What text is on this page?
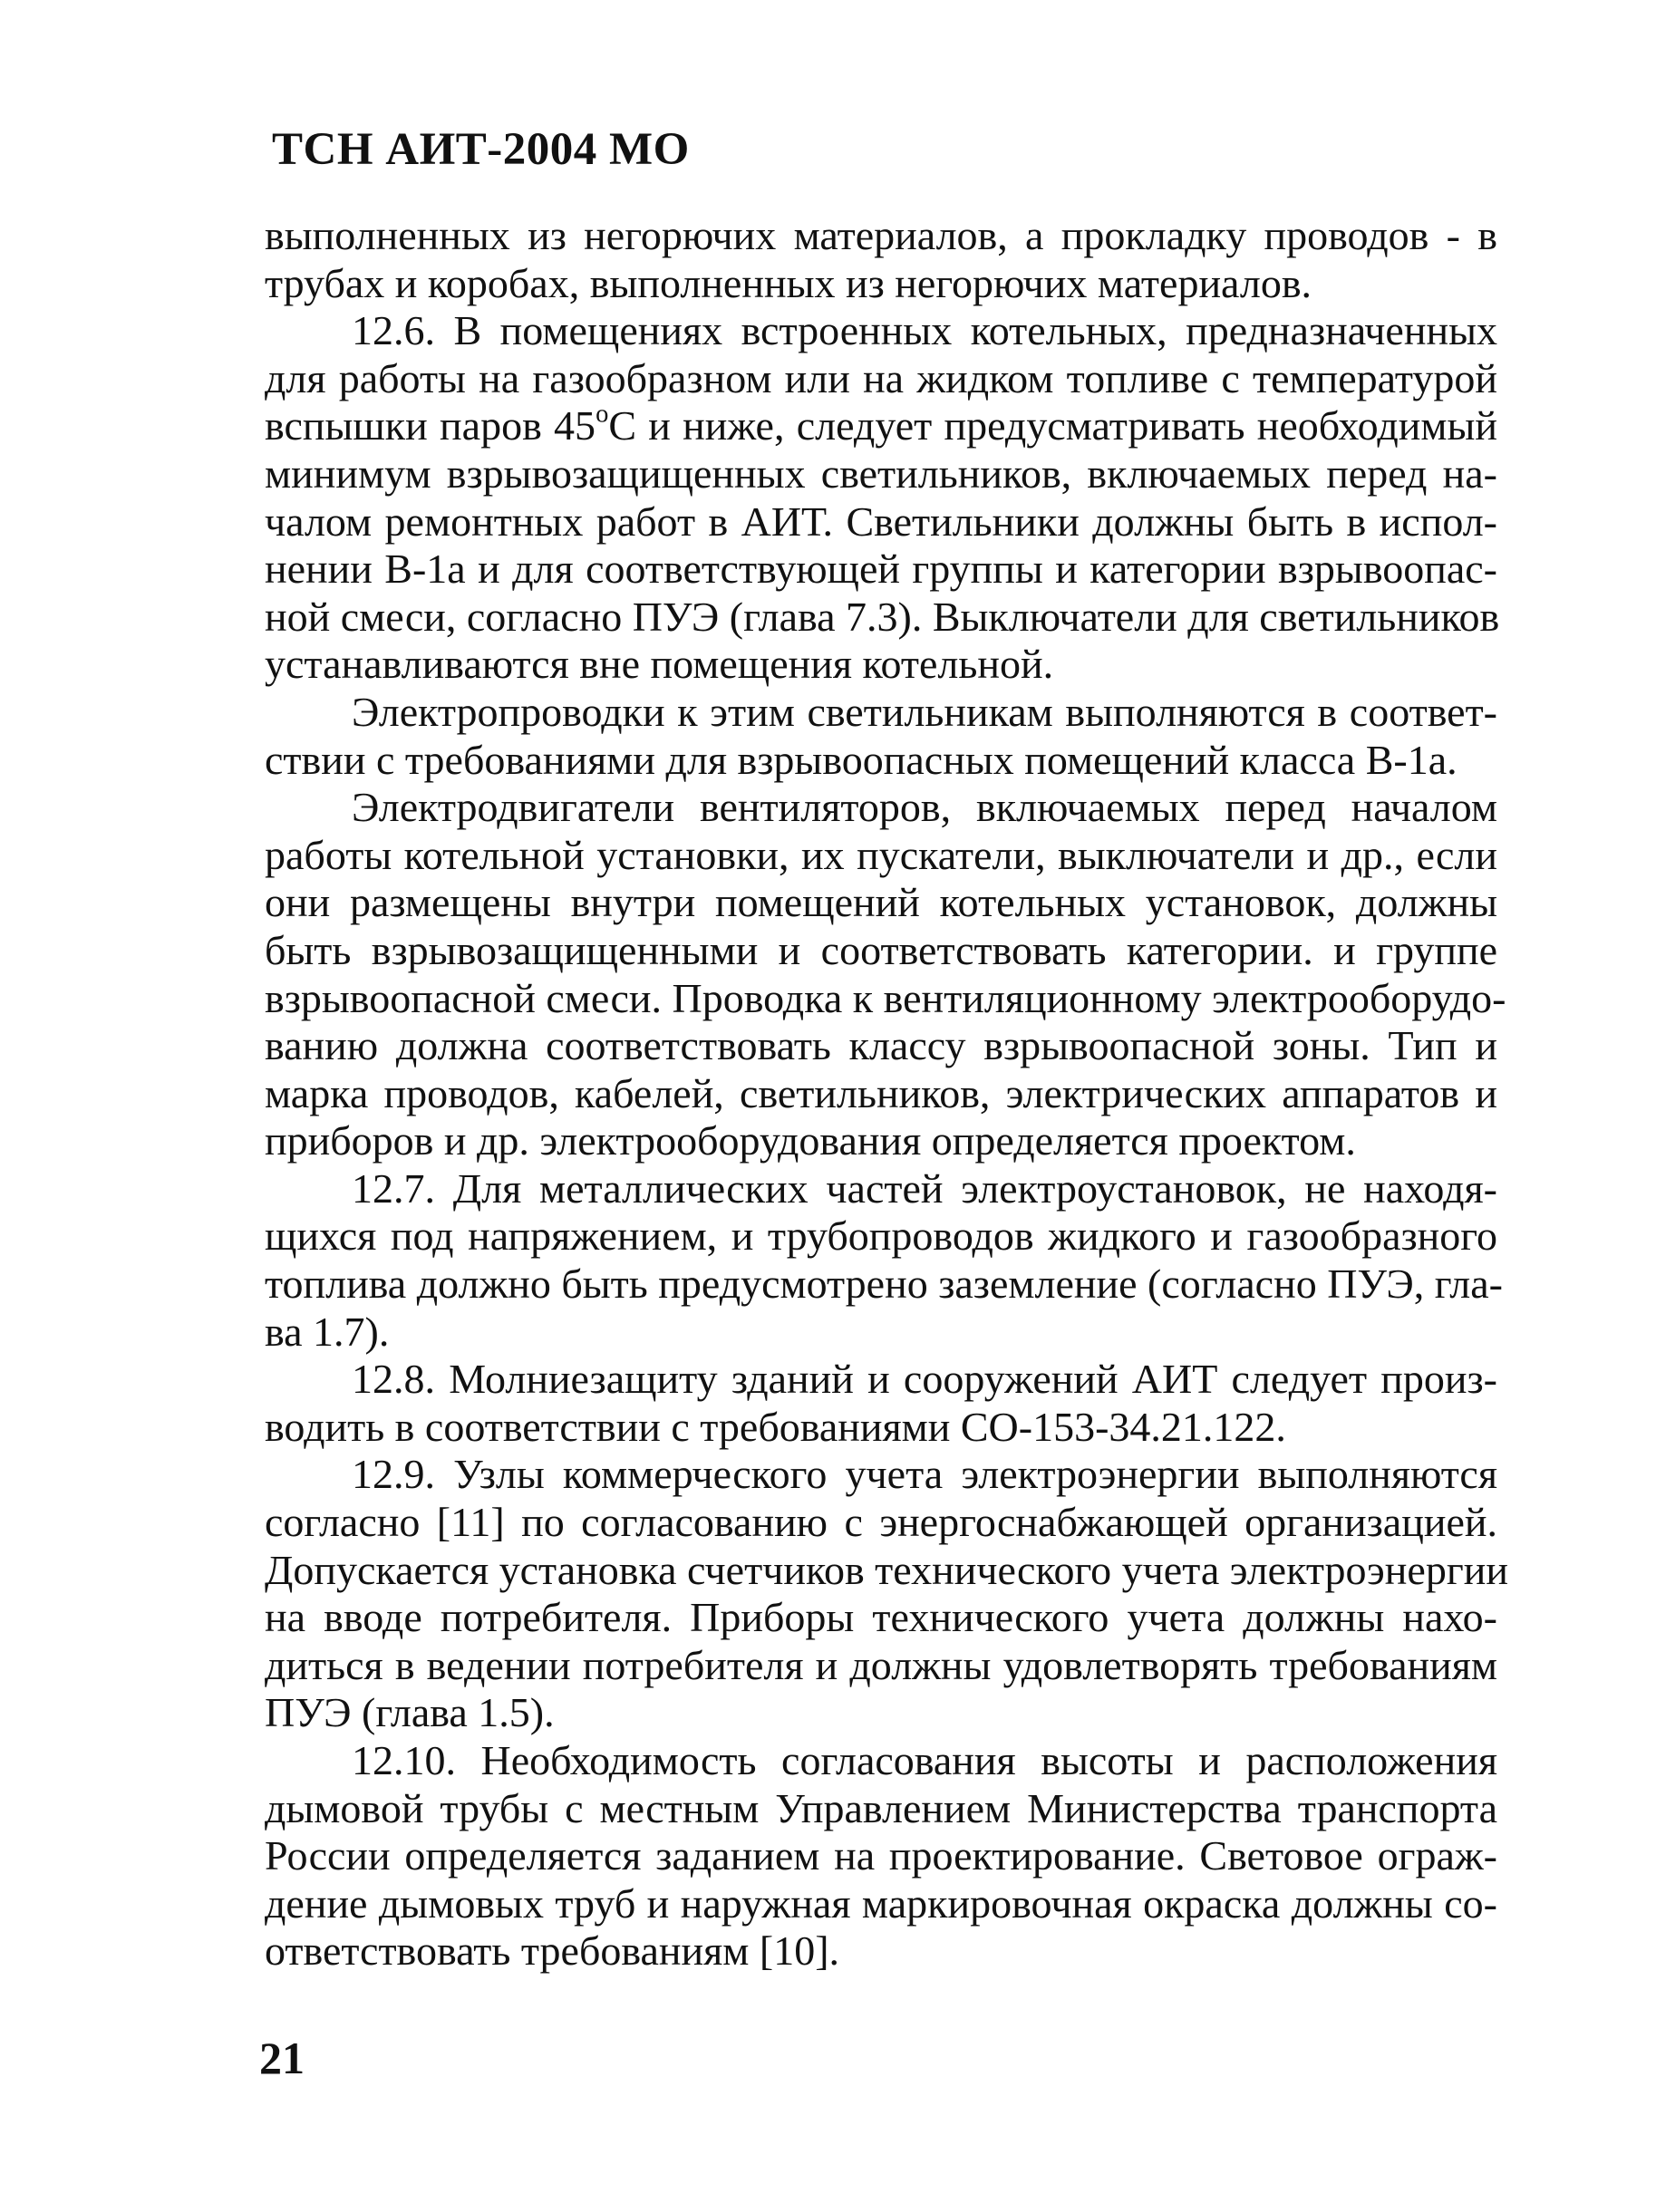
ТСН АИТ-2004 МО
выполненных из негорючих материалов, а прокладку проводов - в
трубах и коробах, выполненных из негорючих материалов.
12.6. В помещениях встроенных котельных, предназначенных
для работы на газообразном или на жидком топливе с температурой
вспышки паров $45^оС$ и ниже, следует предусматривать необходимый
минимум взрывозащищенных светильников, включаемых перед на-
чалом ремонтных работ в АИТ. Светильники должны быть в испол-
нении В-1а и для соответствующей группы и категории взрывоопас-
ной смеси, согласно ПУЭ (глава 7.3). Выключатели для светильников
устанавливаются вне помещения котельной.
Электропроводки к этим светильникам выполняются в соответ-
ствии с требованиями для взрывоопасных помещений класса В-1а.
Электродвигатели вентиляторов, включаемых перед началом
работы котельной установки, их пускатели, выключатели и др., если
они размещены внутри помещений котельных установок, должны
быть взрывозащищенными и соответствовать категории. и группе
взрывоопасной смеси. Проводка к вентиляционному электрооборудо-
ванию должна соответствовать классу взрывоопасной зоны. Тип и
марка проводов, кабелей, светильников, электрических аппаратов и
приборов и др. электрооборудования определяется проектом.
12.7. Для металлических частей электроустановок, не находя-
щихся под напряжением, и трубопроводов жидкого и газообразного
топлива должно быть предусмотрено заземление (согласно ПУЭ, гла-
ва 1.7).
12.8. Молниезащиту зданий и сооружений АИТ следует произ-
водить в соответствии с требованиями СО-153-34.21.122.
12.9. Узлы коммерческого учета электроэнергии выполняются
согласно [11] по согласованию с энергоснабжающей организацией.
Допускается установка счетчиков технического учета электроэнергии
на вводе потребителя. Приборы технического учета должны нахо-
диться в ведении потребителя и должны удовлетворять требованиям
ПУЭ (глава 1.5).
12.10. Необходимость согласования высоты и расположения
дымовой трубы с местным Управлением Министерства транспорта
России определяется заданием на проектирование. Световое ограж-
дение дымовых труб и наружная маркировочная окраска должны со-
ответствовать требованиям [10].
21
